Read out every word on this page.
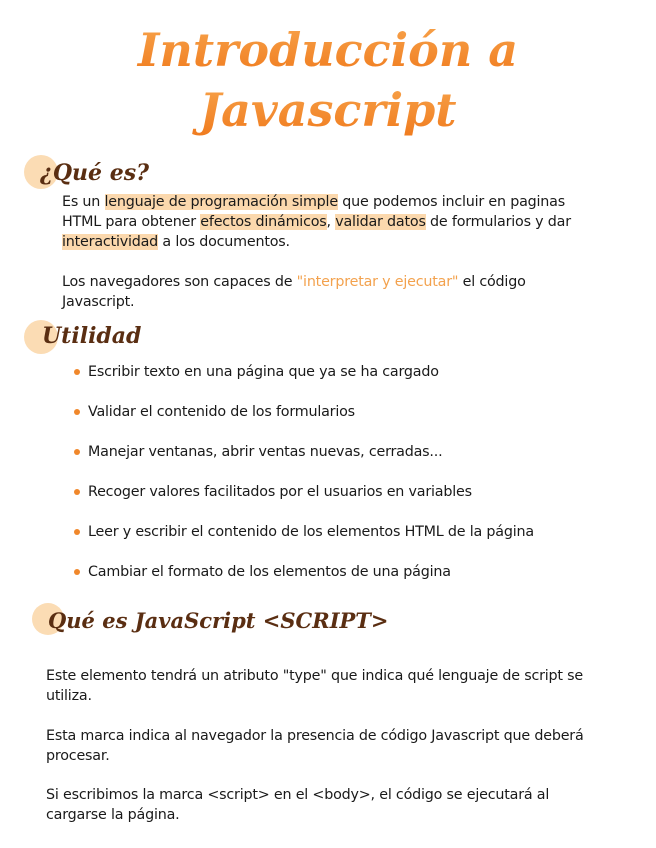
Introducción a
Javascript
¿Qué es?
Es un lenguaje de programación simple que podemos incluir en paginas HTML para obtener efectos dinámicos, validar datos de formularios y dar interactividad a los documentos.
Los navegadores son capaces de "interpretar y ejecutar" el código Javascript.
Utilidad
Escribir texto en una página que ya se ha cargado
Validar el contenido de los formularios
Manejar ventanas, abrir ventas nuevas, cerradas...
Recoger valores facilitados por el usuarios en variables
Leer y escribir el contenido de los elementos HTML de la página
Cambiar el formato de los elementos de una página
Qué es JavaScript <SCRIPT>
Este elemento tendrá un atributo "type" que indica qué lenguaje de script se utiliza.
Esta marca indica al navegador la presencia de código Javascript que deberá procesar.
Si escribimos la marca <script> en el <body>, el código se ejecutará al cargarse la página.
